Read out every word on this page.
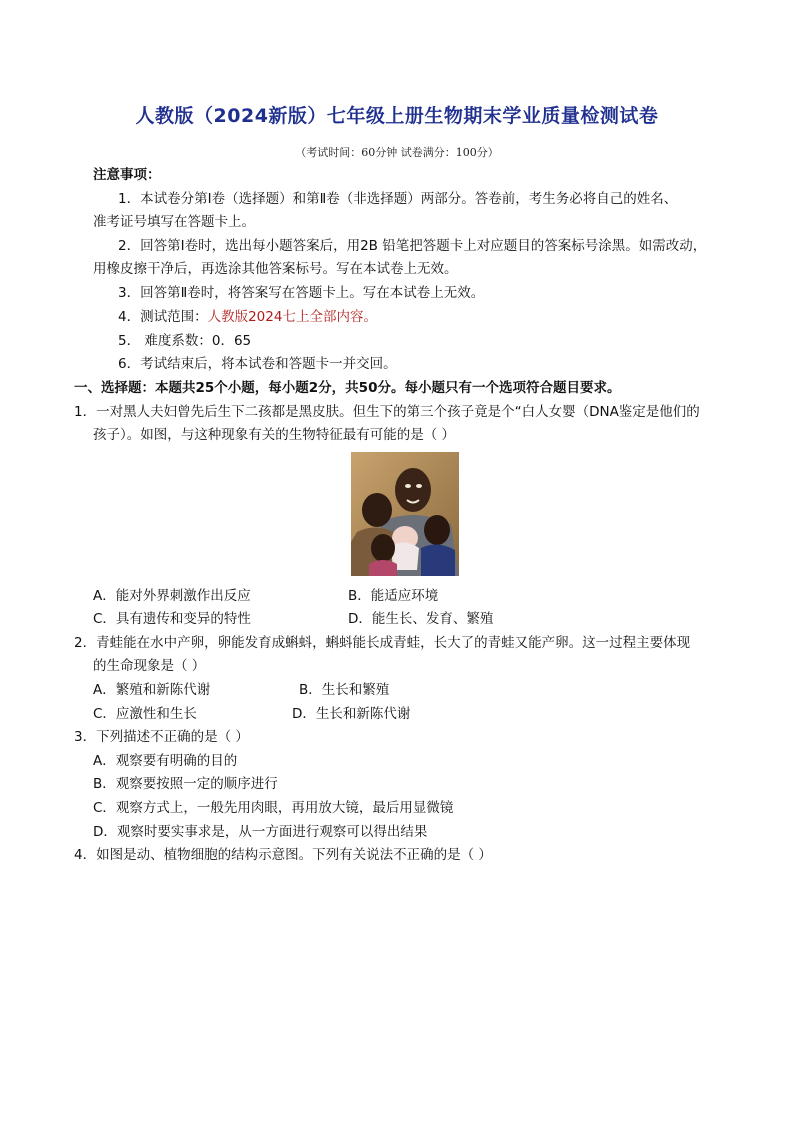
人教版（2024新版）七年级上册生物期末学业质量检测试卷
（考试时间：60分钟 试卷满分：100分）
注意事项：
1．本试卷分第Ⅰ卷（选择题）和第Ⅱ卷（非选择题）两部分。答卷前，考生务必将自己的姓名、
准考证号填写在答题卡上。
2．回答第Ⅰ卷时，选出每小题答案后，用2B 铅笔把答题卡上对应题目的答案标号涂黑。如需改动，
用橡皮擦干净后，再选涂其他答案标号。写在本试卷上无效。
3．回答第Ⅱ卷时，将答案写在答题卡上。写在本试卷上无效。
4．测试范围：人教版2024七上全部内容。
5． 难度系数：0．65
6．考试结束后，将本试卷和答题卡一并交回。
一、选择题：本题共25个小题，每小题2分，共50分。每小题只有一个选项符合题目要求。
1．一对黑人夫妇曾先后生下二孩都是黑皮肤。但生下的第三个孩子竟是个“白人女婴（DNA鉴定是他们的
孩子）。如图，与这种现象有关的生物特征最有可能的是（ ）
A．能对外界刺激作出反应	B．能适应环境
C．具有遗传和变异的特性	D．能生长、发育、繁殖
2．青蛙能在水中产卵，卵能发育成蝌蚪，蝌蚪能长成青蛙，长大了的青蛙又能产卵。这一过程主要体现
的生命现象是（ ）
A．繁殖和新陈代谢	B．生长和繁殖
C．应激性和生长	D．生长和新陈代谢
3．下列描述不正确的是（ ）
A．观察要有明确的目的
B．观察要按照一定的顺序进行
C．观察方式上，一般先用肉眼，再用放大镜，最后用显微镜
D．观察时要实事求是，从一方面进行观察可以得出结果
4．如图是动、植物细胞的结构示意图。下列有关说法不正确的是（ ）
